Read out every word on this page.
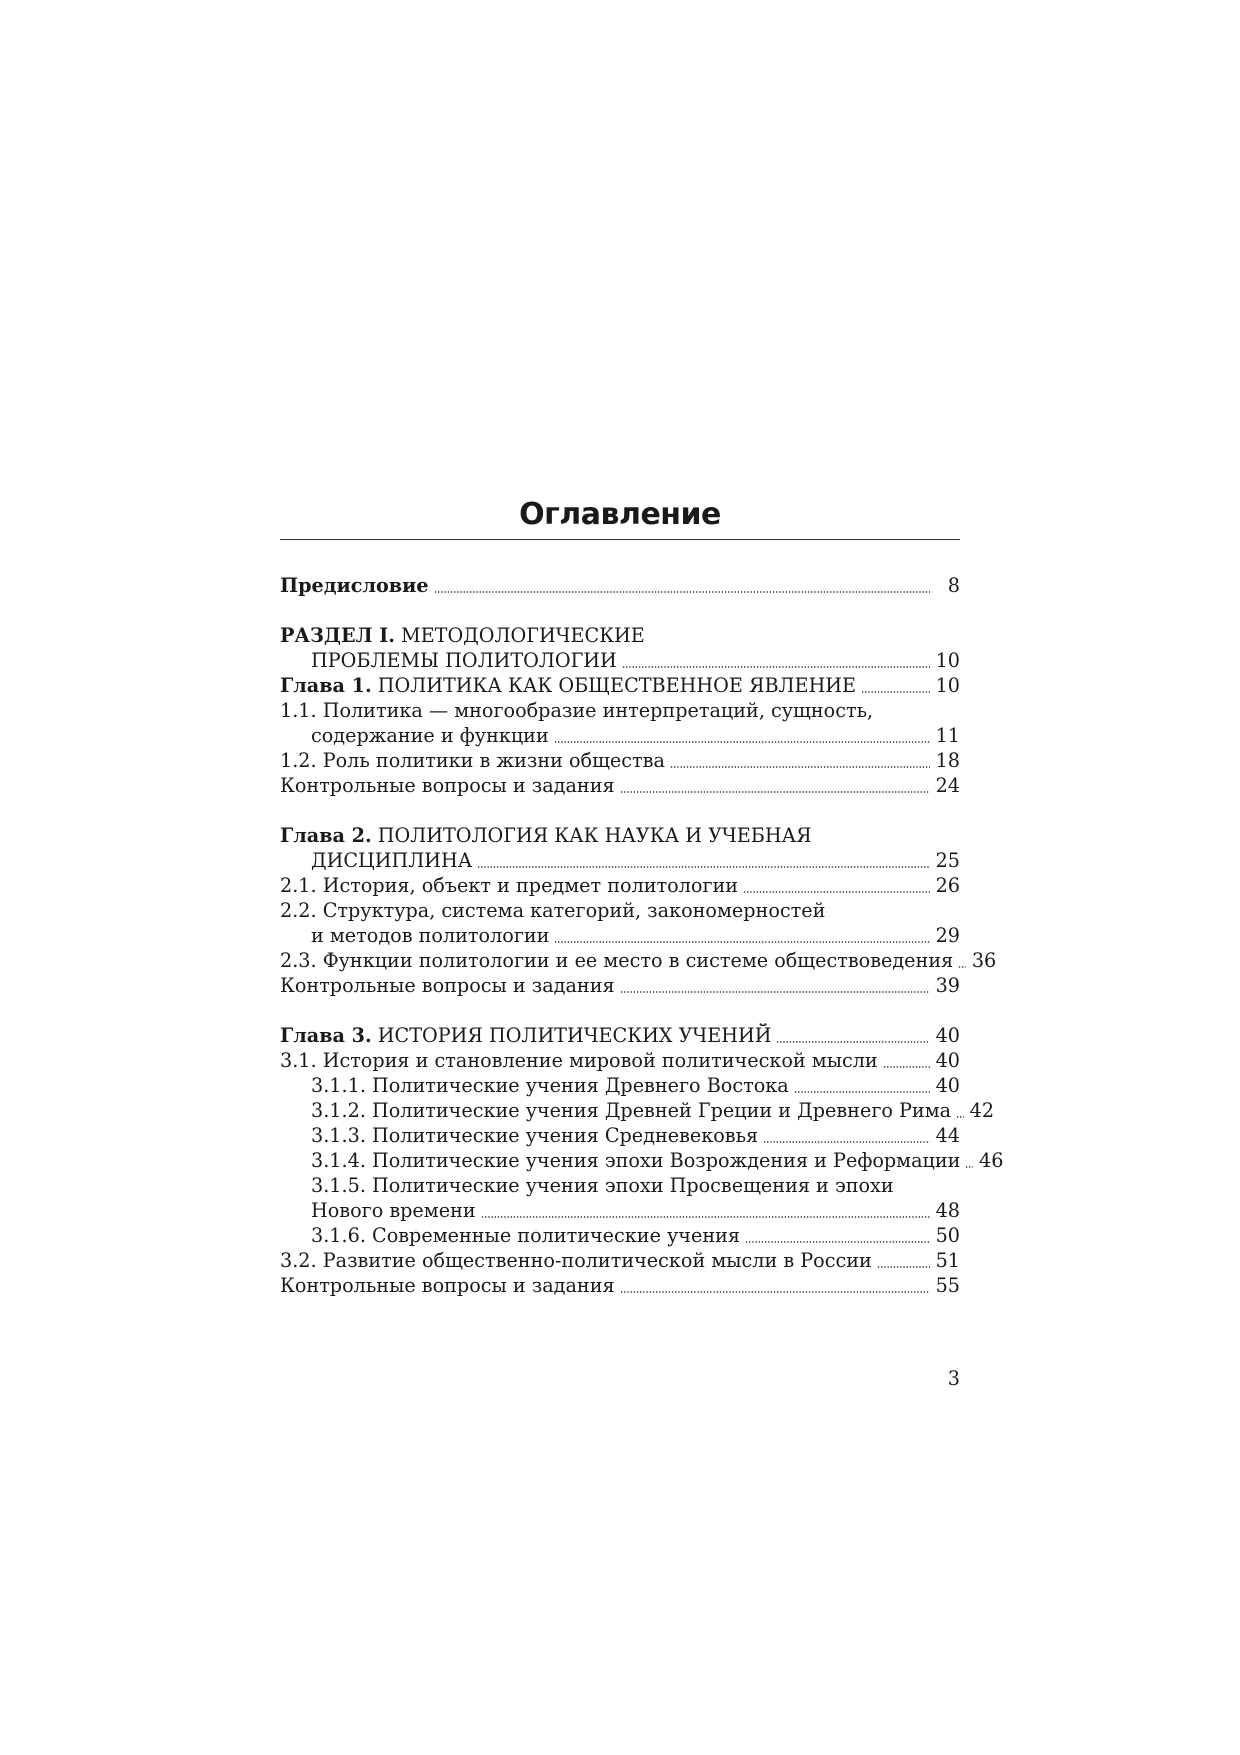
Оглавление
Предисловие	8
РАЗДЕЛ I. МЕТОДОЛОГИЧЕСКИЕ
ПРОБЛЕМЫ ПОЛИТОЛОГИИ	10
Глава 1. ПОЛИТИКА КАК ОБЩЕСТВЕННОЕ ЯВЛЕНИЕ	10
1.1. Политика — многообразие интерпретаций, сущность,
содержание и функции	11
1.2. Роль политики в жизни общества	18
Контрольные вопросы и задания	24
Глава 2. ПОЛИТОЛОГИЯ КАК НАУКА И УЧЕБНАЯ
ДИСЦИПЛИНА	25
2.1. История, объект и предмет политологии	26
2.2. Структура, система категорий, закономерностей
и методов политологии	29
2.3. Функции политологии и ее место в системе обществоведения 36
Контрольные вопросы и задания	39
Глава 3. ИСТОРИЯ ПОЛИТИЧЕСКИХ УЧЕНИЙ	40
3.1. История и становление мировой политической мысли	40
3.1.1. Политические учения Древнего Востока	40
3.1.2. Политические учения Древней Греции и Древнего Рима 42
3.1.3. Политические учения Средневековья	44
3.1.4. Политические учения эпохи Возрождения и Реформации 46
3.1.5. Политические учения эпохи Просвещения и эпохи
Нового времени	48
3.1.6. Современные политические учения	50
3.2. Развитие общественно-политической мысли в России	51
Контрольные вопросы и задания	55
3
